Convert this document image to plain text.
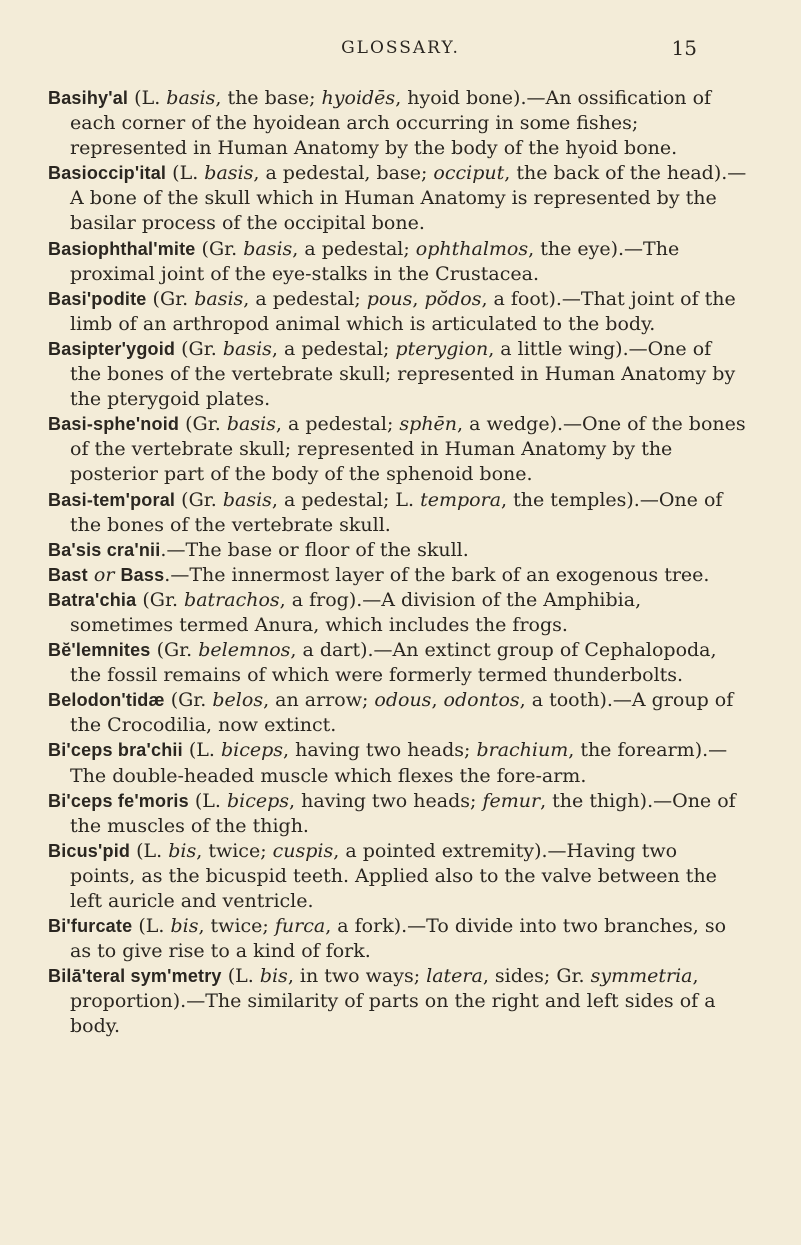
GLOSSARY.	15

Basihy'al (L. basis, the base; hyoidēs, hyoid bone).—An ossification of each corner of the hyoidean arch occurring in some fishes; represented in Human Anatomy by the body of the hyoid bone.

Basioccip'ital (L. basis, a pedestal, base; occiput, the back of the head).—A bone of the skull which in Human Anatomy is represented by the basilar process of the occipital bone.

Basiophthal'mite (Gr. basis, a pedestal; ophthalmos, the eye).—The proximal joint of the eye-stalks in the Crustacea.

Basi'podite (Gr. basis, a pedestal; pous, pŏdos, a foot).—That joint of the limb of an arthropod animal which is articulated to the body.

Basipter'ygoid (Gr. basis, a pedestal; pterygion, a little wing).—One of the bones of the vertebrate skull; represented in Human Anatomy by the pterygoid plates.

Basi-sphe'noid (Gr. basis, a pedestal; sphēn, a wedge).—One of the bones of the vertebrate skull; represented in Human Anatomy by the posterior part of the body of the sphenoid bone.

Basi-tem'poral (Gr. basis, a pedestal; L. tempora, the temples).—One of the bones of the vertebrate skull.

Ba'sis cra'nii.—The base or floor of the skull.

Bast or Bass.—The innermost layer of the bark of an exogenous tree.

Batra'chia (Gr. batrachos, a frog).—A division of the Amphibia, sometimes termed Anura, which includes the frogs.

Bĕ'lemnites (Gr. belemnos, a dart).—An extinct group of Cephalopoda, the fossil remains of which were formerly termed thunderbolts.

Belodon'tidæ (Gr. belos, an arrow; odous, odontos, a tooth).—A group of the Crocodilia, now extinct.

Bi'ceps bra'chii (L. biceps, having two heads; brachium, the forearm).—The double-headed muscle which flexes the fore-arm.

Bi'ceps fe'moris (L. biceps, having two heads; femur, the thigh).—One of the muscles of the thigh.

Bicus'pid (L. bis, twice; cuspis, a pointed extremity).—Having two points, as the bicuspid teeth. Applied also to the valve between the left auricle and ventricle.

Bi'furcate (L. bis, twice; furca, a fork).—To divide into two branches, so as to give rise to a kind of fork.

Bilā'teral sym'metry (L. bis, in two ways; latera, sides; Gr. symmetria, proportion).—The similarity of parts on the right and left sides of a body.
